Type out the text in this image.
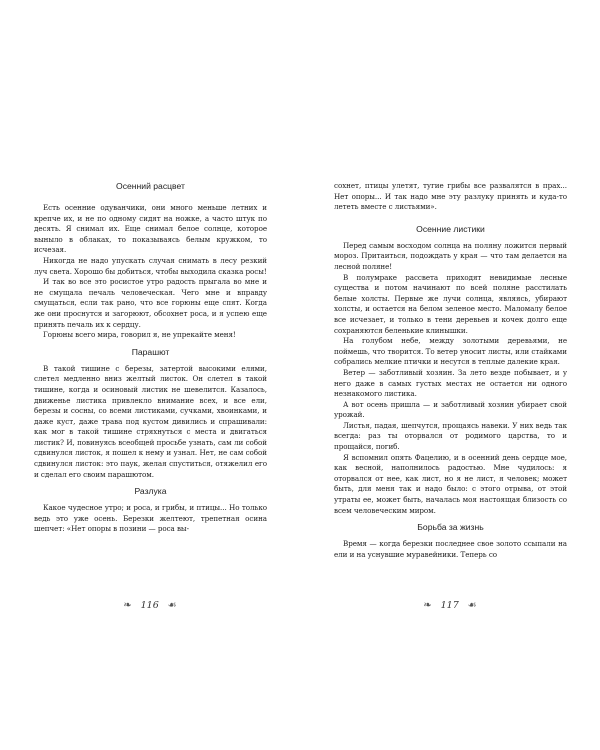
Осенний расцвет

Есть осенние одуванчики, они много меньше летних и крепче их, и не по одному сидят на ножке, а часто штук по десять. Я снимал их. Еще снимал белое солнце, которое выныло в облаках, то показываясь белым кружком, то исчезая.

Никогда не надо упускать случая снимать в лесу резкий луч света. Хорошо бы добиться, чтобы выходила сказка росы!

И так во все это росистое утро радость прыгала во мне и не смущала печаль человеческая. Чего мне и вправду смущаться, если так рано, что все горюны еще спят. Когда же они проснутся и загорюют, обсохнет роса, и я успею еще принять печаль их к сердцу.

Горюны всего мира, говорил я, не упрекайте меня!

Парашют

В такой тишине с березы, затертой высокими елями, слетел медленно вниз желтый листок. Он слетел в такой тишине, когда и осиновый листик не шевелится. Казалось, движенье листика привлекло внимание всех, и все ели, березы и сосны, со всеми листиками, сучками, хвоинками, и даже куст, даже трава под кустом дивились и спрашивали: как мог в такой тишине стряхнуться с места и двигаться листик? И, повинуясь всеобщей просьбе узнать, сам ли собой сдвинулся листок, я пошел к нему и узнал. Нет, не сам собой сдвинулся листок: это паук, желая спуститься, отяжелил его и сделал его своим парашютом.

Разлука

Какое чудесное утро; и роса, и грибы, и птицы... Но только ведь это уже осень. Березки желтеют, трепетная осина шепчет: «Нет опоры в позини — роса вы-

❧ 116 ☙

сохнет, птицы улетят, тугие грибы все развалятся в прах... Нет опоры... И так надо мне эту разлуку принять и куда-то лететь вместе с листьями».

Осенние листики

Перед самым восходом солнца на поляну ложится первый мороз. Притаиться, подождать у края — что там делается на лесной поляне!

В полумраке рассвета приходят невидимые лесные существа и потом начинают по всей поляне расстилать белые холсты. Первые же лучи солнца, являясь, убирают холсты, и остается на белом зеленое место. Маломалу белое все исчезает, и только в тени деревьев и кочек долго еще сохраняются беленькие клинышки.

На голубом небе, между золотыми деревьями, не поймешь, что творится. То ветер уносит листы, или стайками собрались мелкие птички и несутся в теплые далекие края.

Ветер — заботливый хозяин. За лето везде побывает, и у него даже в самых густых местах не остается ни одного незнакомого листика.

А вот осень пришла — и заботливый хозяин убирает свой урожай.

Листья, падая, шепчутся, прощаясь навеки. У них ведь так всегда: раз ты оторвался от родимого царства, то и прощайся, погиб.

Я вспомнил опять Фацелию, и в осенний день сердце мое, как весной, наполнилось радостью. Мне чудилось: я оторвался от нее, как лист, но я не лист, я человек; может быть, для меня так и надо было: с этого отрыва, от этой утраты ее, может быть, началась моя настоящая близость со всем человеческим миром.

Борьба за жизнь

Время — когда березки последнее свое золото ссыпали на ели и на уснувшие муравейники. Теперь со

❧ 117 ☙
